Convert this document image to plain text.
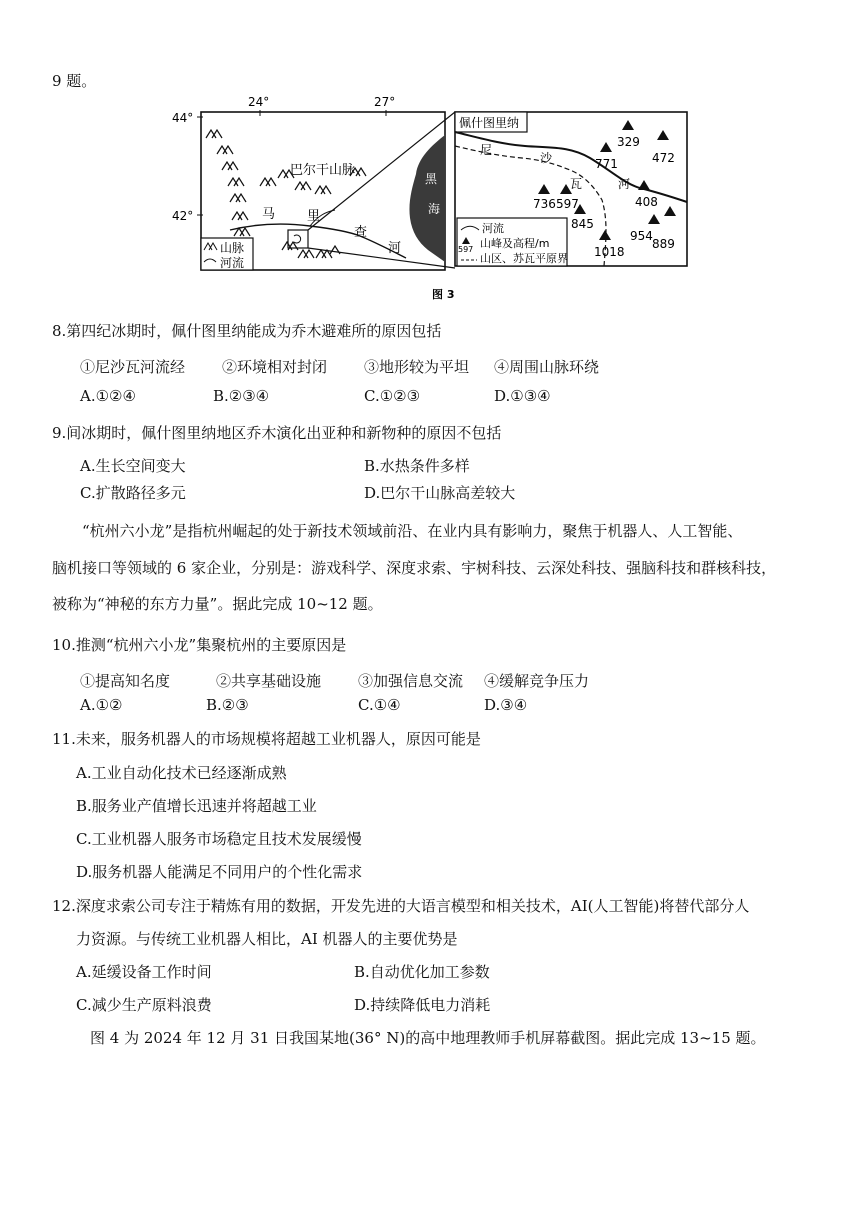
9 题。
24°	27°
44°
42°
黑
海
巴尔干山脉
马 里
查
河
山脉
河流
佩什图里纳
尼
沙
瓦	河
329
472
771
736 597	408
845
954
889
1018
河流
597 山峰及高程/m
山区、苏瓦平原界
图 3
8.第四纪冰期时，佩什图里纳能成为乔木避难所的原因包括
①尼沙瓦河流经 ②环境相对封闭 ③地形较为平坦 ④周围山脉环绕
A.①②④	B.②③④	C.①②③	D.①③④
9.间冰期时，佩什图里纳地区乔木演化出亚种和新物种的原因不包括
A.生长空间变大	B.水热条件多样
C.扩散路径多元	D.巴尔干山脉高差较大
“杭州六小龙”是指杭州崛起的处于新技术领域前沿、在业内具有影响力，聚焦于机器人、人工智能、
脑机接口等领域的 6 家企业，分别是：游戏科学、深度求索、宇树科技、云深处科技、强脑科技和群核科技，
被称为“神秘的东方力量”。据此完成 10~12 题。
10.推测“杭州六小龙”集聚杭州的主要原因是
①提高知名度	②共享基础设施 ③加强信息交流 ④缓解竞争压力
A.①②	B.②③	C.①④	D.③④
11.未来，服务机器人的市场规模将超越工业机器人，原因可能是
A.工业自动化技术已经逐渐成熟
B.服务业产值增长迅速并将超越工业
C.工业机器人服务市场稳定且技术发展缓慢
D.服务机器人能满足不同用户的个性化需求
12.深度求索公司专注于精炼有用的数据，开发先进的大语言模型和相关技术，AI(人工智能)将替代部分人
力资源。与传统工业机器人相比，AI 机器人的主要优势是
A.延缓设备工作时间	B.自动优化加工参数
C.减少生产原料浪费	D.持续降低电力消耗
图 4 为 2024 年 12 月 31 日我国某地(36° N)的高中地理教师手机屏幕截图。据此完成 13~15 题。
